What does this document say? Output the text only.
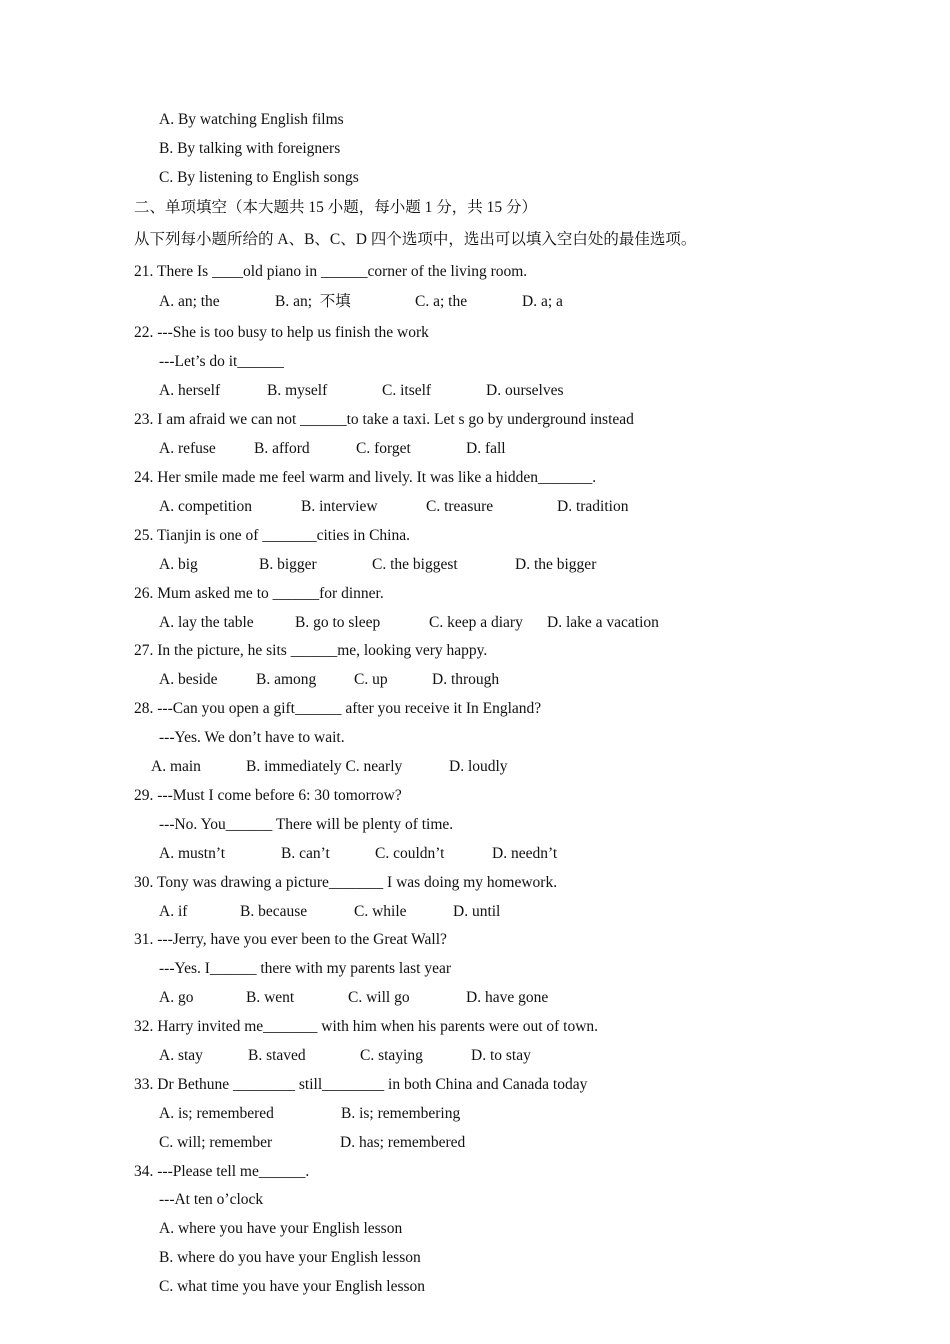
A. By watching English films
B. By talking with foreigners
C. By listening to English songs
二、单项填空（本大题共 15 小题，每小题 1 分，共 15 分）
从下列每小题所给的 A、B、C、D 四个选项中，选出可以填入空白处的最佳选项。
21. There Is ____old piano in ______corner of the living room.
A. an; the	B. an;  不填	C. a; the	D. a; a
22. ---She is too busy to help us finish the work
---Let’s do it______
A. herself	B. myself	C. itself	D. ourselves
23. I am afraid we can not ______to take a taxi. Let s go by underground instead
A. refuse B. afford	C. forget	D. fall
24. Her smile made me feel warm and lively. It was like a hidden_______.
A. competition	B. interview	C. treasure	D. tradition
25. Tianjin is one of _______cities in China.
A. big	B. bigger	C. the biggest	D. the bigger
26. Mum asked me to ______for dinner.
A. lay the table	B. go to sleep	C. keep a diary D. lake a vacation
27. In the picture, he sits ______me, looking very happy.
A. beside B. among C. up	D. through
28. ---Can you open a gift______ after you receive it In England?
---Yes. We don’t have to wait.
A. main	B. immediately C. nearly	D. loudly
29. ---Must I come before 6: 30 tomorrow?
---No. You______ There will be plenty of time.
A. mustn’t	B. can’t	C. couldn’t	D. needn’t
30. Tony was drawing a picture_______ I was doing my homework.
A. if	B. because	C. while	D. until
31. ---Jerry, have you ever been to the Great Wall?
---Yes. I______ there with my parents last year
A. go	B. went	C. will go	D. have gone
32. Harry invited me_______ with him when his parents were out of town.
A. stay	B. staved	C. staying	D. to stay
33. Dr Bethune ________ still________ in both China and Canada today
A. is; remembered	B. is; remembering
C. will; remember	D. has; remembered
34. ---Please tell me______.
---At ten o’clock
A. where you have your English lesson
B. where do you have your English lesson
C. what time you have your English lesson
